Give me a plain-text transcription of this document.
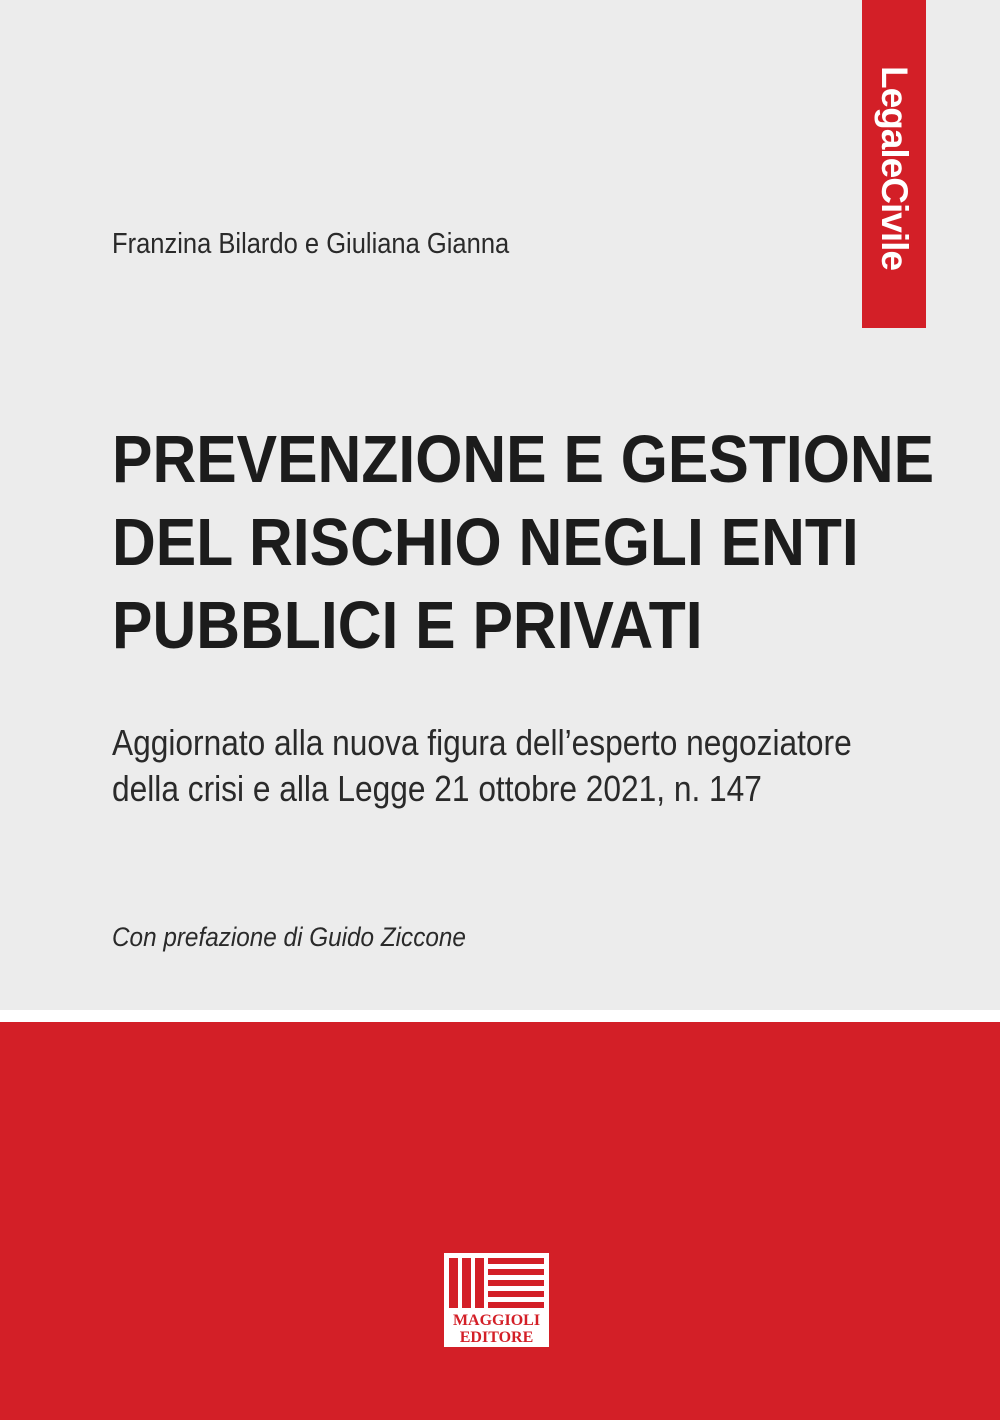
LegaleCivile
Franzina Bilardo e Giuliana Gianna
PREVENZIONE E GESTIONE
DEL RISCHIO NEGLI ENTI
PUBBLICI E PRIVATI

Aggiornato alla nuova figura dell’esperto negoziatore
della crisi e alla Legge 21 ottobre 2021, n. 147

Con prefazione di Guido Ziccone
MAGGIOLI
EDITORE
